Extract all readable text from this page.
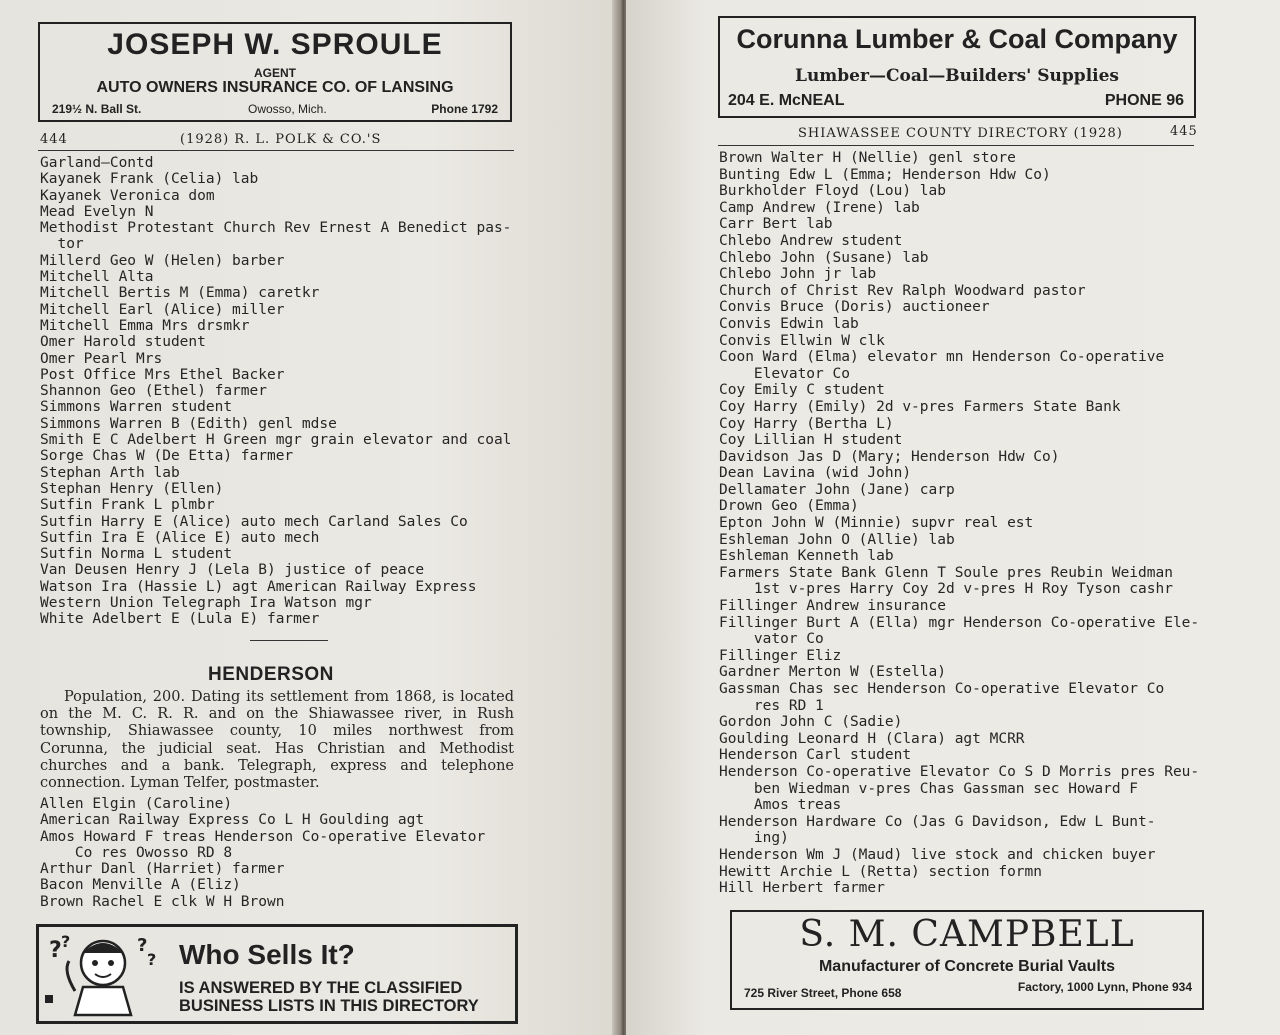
JOSEPH W. SPROULE
AGENT
AUTO OWNERS INSURANCE CO. OF LANSING
219½ N. Ball St.	Owosso, Mich.	Phone 1792
444	(1928) R. L. POLK & CO.'S
Garland—Contd
Kayanek Frank (Celia) lab
Kayanek Veronica dom
Mead Evelyn N
Methodist Protestant Church Rev Ernest A Benedict pas-
tor
Millerd Geo W (Helen) barber
Mitchell Alta
Mitchell Bertis M (Emma) caretkr
Mitchell Earl (Alice) miller
Mitchell Emma Mrs drsmkr
Omer Harold student
Omer Pearl Mrs
Post Office Mrs Ethel Backer
Shannon Geo (Ethel) farmer
Simmons Warren student
Simmons Warren B (Edith) genl mdse
Smith E C Adelbert H Green mgr grain elevator and coal
Sorge Chas W (De Etta) farmer
Stephan Arth lab
Stephan Henry (Ellen)
Sutfin Frank L plmbr
Sutfin Harry E (Alice) auto mech Carland Sales Co
Sutfin Ira E (Alice E) auto mech
Sutfin Norma L student
Van Deusen Henry J (Lela B) justice of peace
Watson Ira (Hassie L) agt American Railway Express
Western Union Telegraph Ira Watson mgr
White Adelbert E (Lula E) farmer
HENDERSON
Population, 200. Dating its settlement from 1868, is located on the M. C. R. R. and on the Shiawassee river, in Rush township, Shiawassee county, 10 miles northwest from Corunna, the judicial seat. Has Christian and Methodist churches and a bank. Telegraph, express and telephone connection. Lyman Telfer, postmaster.
Allen Elgin (Caroline)
American Railway Express Co L H Goulding agt
Amos Howard F treas Henderson Co-operative Elevator
Co res Owosso RD 8
Arthur Danl (Harriet) farmer
Bacon Menville A (Eliz)
Brown Rachel E clk W H Brown
? ?	?
? Who Sells It?
IS ANSWERED BY THE CLASSIFIED
BUSINESS LISTS IN THIS DIRECTORY
Corunna Lumber & Coal Company
Lumber—Coal—Builders' Supplies
204 E. McNEAL	PHONE 96
SHIAWASSEE COUNTY DIRECTORY (1928)	445
Brown Walter H (Nellie) genl store
Bunting Edw L (Emma; Henderson Hdw Co)
Burkholder Floyd (Lou) lab
Camp Andrew (Irene) lab
Carr Bert lab
Chlebo Andrew student
Chlebo John (Susane) lab
Chlebo John jr lab
Church of Christ Rev Ralph Woodward pastor
Convis Bruce (Doris) auctioneer
Convis Edwin lab
Convis Ellwin W clk
Coon Ward (Elma) elevator mn Henderson Co-operative
Elevator Co
Coy Emily C student
Coy Harry (Emily) 2d v-pres Farmers State Bank
Coy Harry (Bertha L)
Coy Lillian H student
Davidson Jas D (Mary; Henderson Hdw Co)
Dean Lavina (wid John)
Dellamater John (Jane) carp
Drown Geo (Emma)
Epton John W (Minnie) supvr real est
Eshleman John O (Allie) lab
Eshleman Kenneth lab
Farmers State Bank Glenn T Soule pres Reubin Weidman
1st v-pres Harry Coy 2d v-pres H Roy Tyson cashr
Fillinger Andrew insurance
Fillinger Burt A (Ella) mgr Henderson Co-operative Ele-
vator Co
Fillinger Eliz
Gardner Merton W (Estella)
Gassman Chas sec Henderson Co-operative Elevator Co
res RD 1
Gordon John C (Sadie)
Goulding Leonard H (Clara) agt MCRR
Henderson Carl student
Henderson Co-operative Elevator Co S D Morris pres Reu-
ben Wiedman v-pres Chas Gassman sec Howard F
Amos treas
Henderson Hardware Co (Jas G Davidson, Edw L Bunt-
ing)
Henderson Wm J (Maud) live stock and chicken buyer
Hewitt Archie L (Retta) section formn
Hill Herbert farmer
S. M. CAMPBELL
Manufacturer of Concrete Burial Vaults
725 River Street, Phone 658	Factory, 1000 Lynn, Phone 934
